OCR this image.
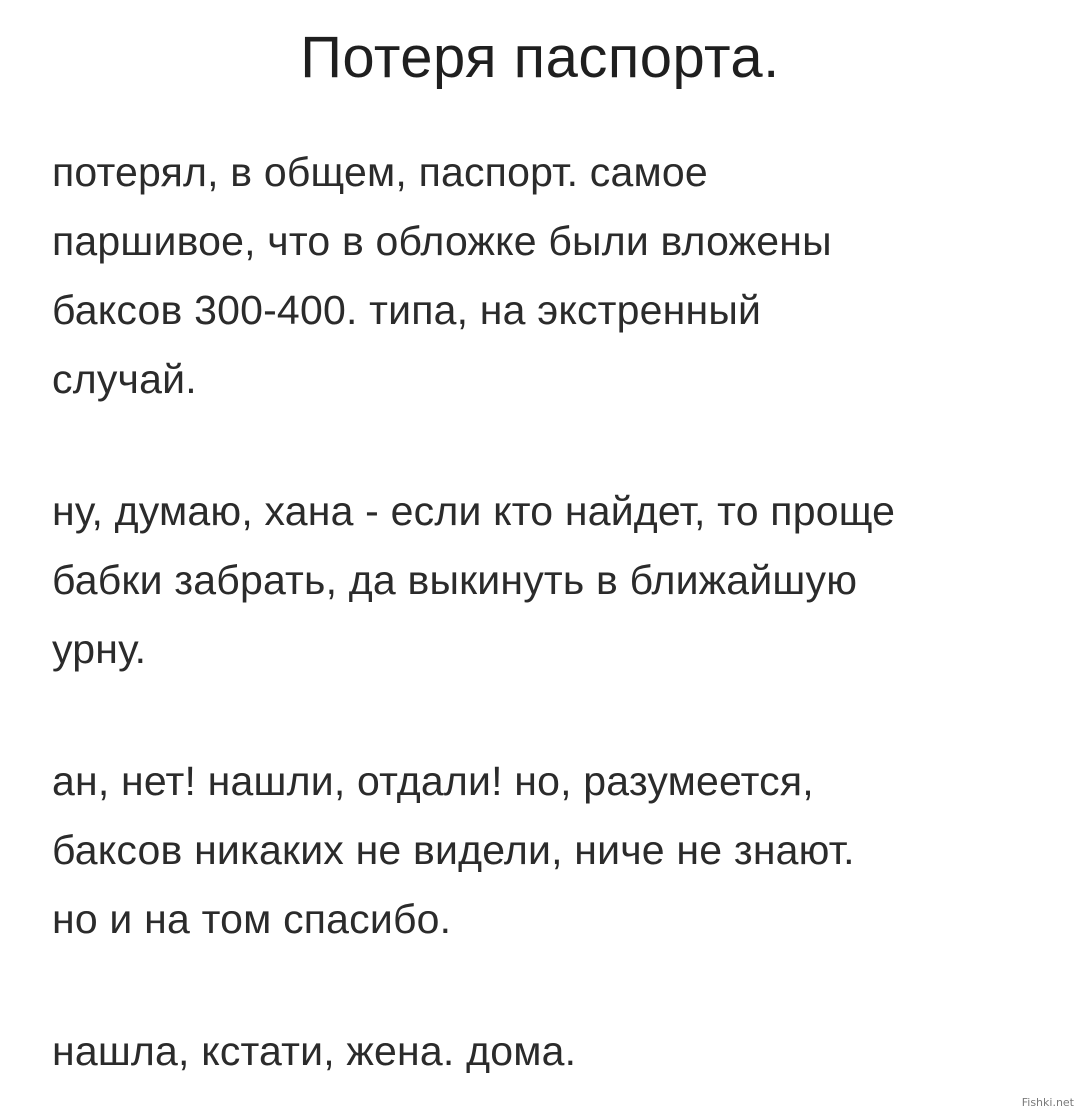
Потеря паспорта.

потерял, в общем, паспорт. самое
паршивое, что в обложке были вложены
баксов 300-400. типа, на экстренный
случай.

ну, думаю, хана - если кто найдет, то проще
бабки забрать, да выкинуть в ближайшую
урну.

ан, нет! нашли, отдали! но, разумеется,
баксов никаких не видели, ниче не знают.
но и на том спасибо.

нашла, кстати, жена. дома.

Fishki.net
